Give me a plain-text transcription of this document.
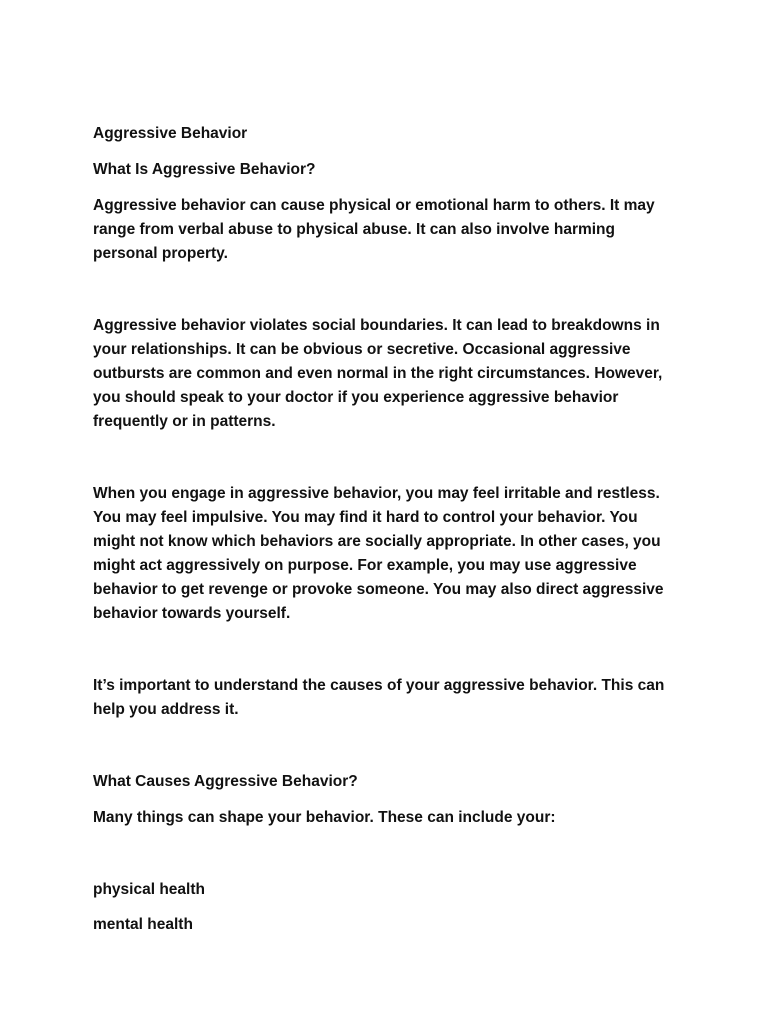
Aggressive Behavior

What Is Aggressive Behavior?

Aggressive behavior can cause physical or emotional harm to others. It may

range from verbal abuse to physical abuse. It can also involve harming

personal property.

Aggressive behavior violates social boundaries. It can lead to breakdowns in

your relationships. It can be obvious or secretive. Occasional aggressive

outbursts are common and even normal in the right circumstances. However,

you should speak to your doctor if you experience aggressive behavior

frequently or in patterns.

When you engage in aggressive behavior, you may feel irritable and restless.

You may feel impulsive. You may find it hard to control your behavior. You

might not know which behaviors are socially appropriate. In other cases, you

might act aggressively on purpose. For example, you may use aggressive

behavior to get revenge or provoke someone. You may also direct aggressive

behavior towards yourself.

It’s important to understand the causes of your aggressive behavior. This can

help you address it.

What Causes Aggressive Behavior?

Many things can shape your behavior. These can include your:

physical health

mental health
